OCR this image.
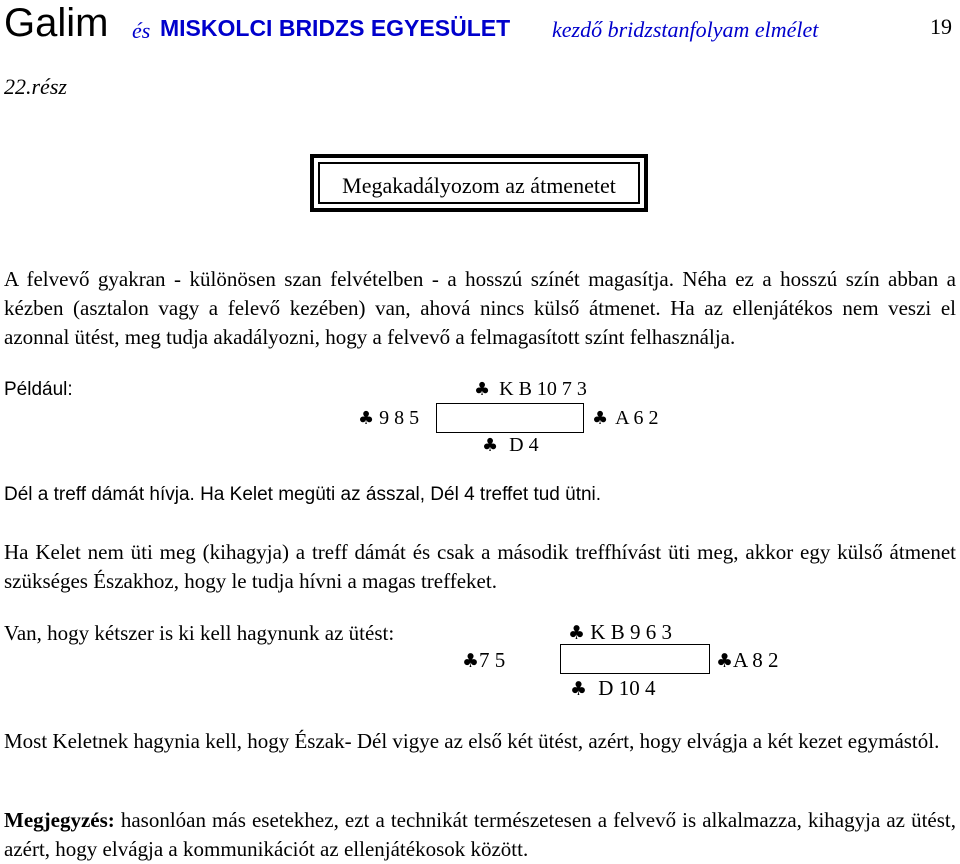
Galim és MISKOLCI BRIDZS EGYESÜLET kezdő bridzstanfolyam elmélet	19
22.rész
Megakadályozom az átmenetet
A felvevő gyakran - különösen szan felvételben - a hosszú színét magasítja. Néha ez a hosszú szín abban a kézben (asztalon vagy a felevő kezében) van, ahová nincs külső átmenet. Ha az ellenjátékos nem veszi el azonnal ütést, meg tudja akadályozni, hogy a felvevő a felmagasított színt felhasználja.
Például:	♣ K B 10 7 3
♣ 9 8 5	♣ A 6 2
♣ D 4
Dél a treff dámát hívja. Ha Kelet megüti az ásszal, Dél 4 treffet tud ütni.
Ha Kelet nem üti meg (kihagyja) a treff dámát és csak a második treffhívást üti meg, akkor egy külső átmenet szükséges Északhoz, hogy le tudja hívni a magas treffeket.
Van, hogy kétszer is ki kell hagynunk az ütést:	♣ K B 9 6 3
♣7 5	♣A 8 2
♣ D 10 4
Most Keletnek hagynia kell, hogy Észak- Dél vigye az első két ütést, azért, hogy elvágja a két kezet egymástól.
Megjegyzés: hasonlóan más esetekhez, ezt a technikát természetesen a felvevő is alkalmazza, kihagyja az ütést, azért, hogy elvágja a kommunikációt az ellenjátékosok között.
